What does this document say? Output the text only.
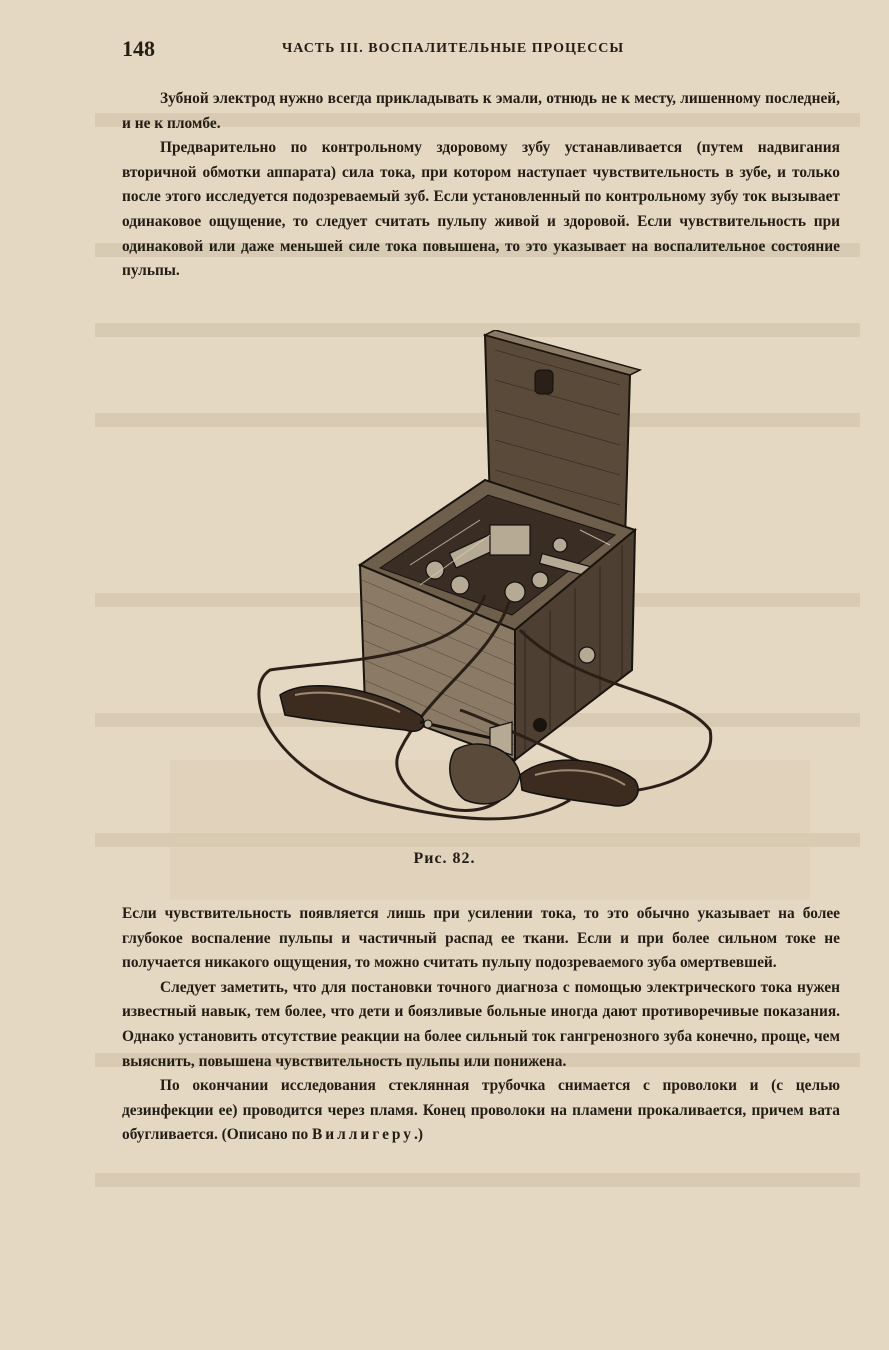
148	ЧАСТЬ III. ВОСПАЛИТЕЛЬНЫЕ ПРОЦЕССЫ

Зубной электрод нужно всегда прикладывать к эмали, отнюдь не к месту, лишенному последней, и не к пломбе.

Предварительно по контрольному здоровому зубу устанавливается (путем надвигания вторичной обмотки аппарата) сила тока, при котором наступает чувствительность в зубе, и только после этого исследуется подозреваемый зуб. Если установленный по контрольному зубу ток вызывает одинаковое ощущение, то следует считать пульпу живой и здоровой. Если чувствительность при одинаковой или даже меньшей силе тока повышена, то это указывает на воспалительное состояние пульпы.

Рис. 82.

Если чувствительность появляется лишь при усилении тока, то это обычно указывает на более глубокое воспаление пульпы и частичный распад ее ткани. Если и при более сильном токе не получается никакого ощущения, то можно считать пульпу подозреваемого зуба омертвевшей.

Следует заметить, что для постановки точного диагноза с помощью электрического тока нужен известный навык, тем более, что дети и боязливые больные иногда дают противоречивые показания. Однако установить отсутствие реакции на более сильный ток гангренозного зуба конечно, проще, чем выяснить, повышена чувствительность пульпы или понижена.

По окончании исследования стеклянная трубочка снимается с проволоки и (с целью дезинфекции ее) проводится через пламя. Конец проволоки на пламени прокаливается, причем вата обугливается. (Описано по Виллигеру.)
